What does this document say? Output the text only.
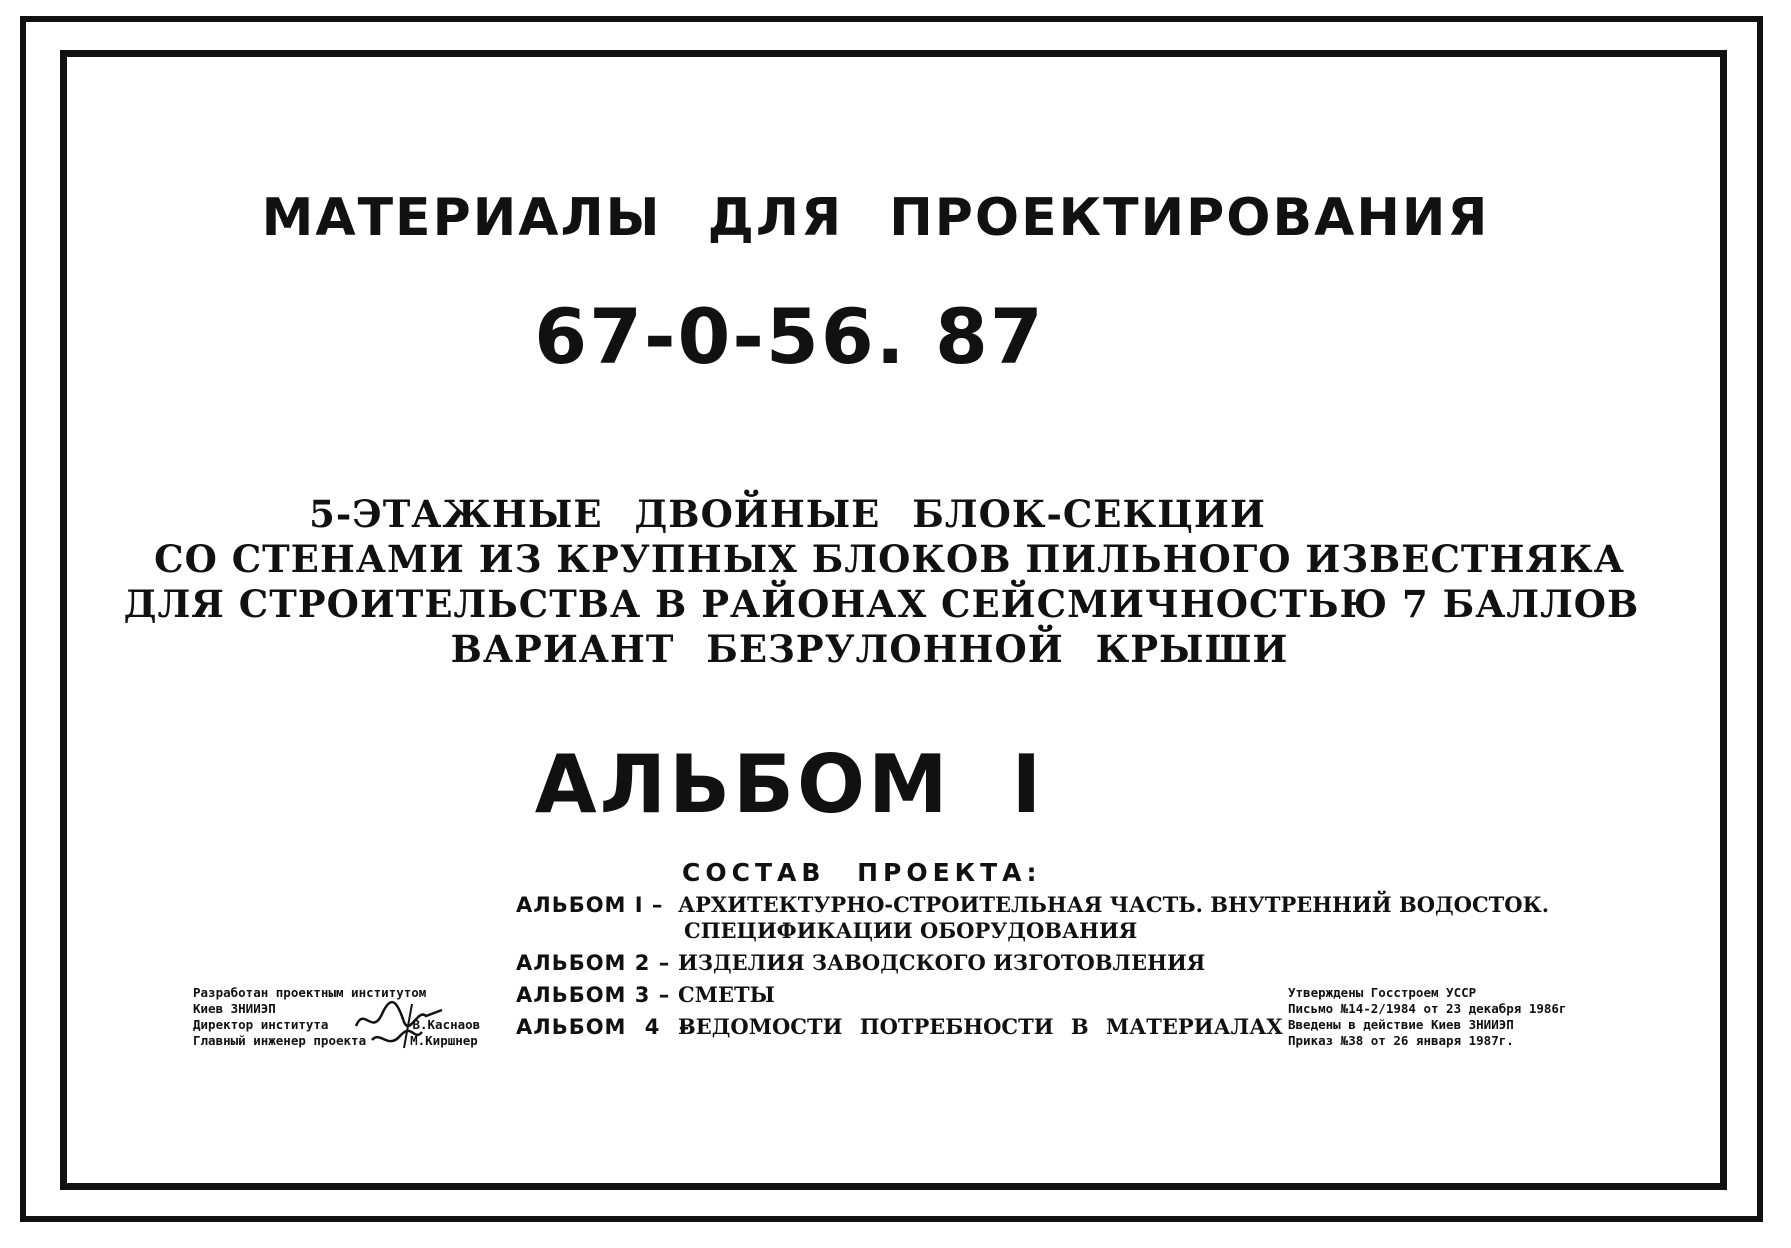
МАТЕРИАЛЫ ДЛЯ ПРОЕКТИРОВАНИЯ
67-0-56. 87
5-ЭТАЖНЫЕ ДВОЙНЫЕ БЛОК-СЕКЦИИ
СО СТЕНАМИ ИЗ КРУПНЫХ БЛОКОВ ПИЛЬНОГО ИЗВЕСТНЯКА
ДЛЯ СТРОИТЕЛЬСТВА В РАЙОНАХ СЕЙСМИЧНОСТЬЮ 7 БАЛЛОВ
ВАРИАНТ БЕЗРУЛОННОЙ КРЫШИ
АЛЬБОМ I
СОСТАВ ПРОЕКТА:
АЛЬБОМ I – АРХИТЕКТУРНО-СТРОИТЕЛЬНАЯ ЧАСТЬ. ВНУТРЕННИЙ ВОДОСТОК.
СПЕЦИФИКАЦИИ ОБОРУДОВАНИЯ
АЛЬБОМ 2 – ИЗДЕЛИЯ ЗАВОДСКОГО ИЗГОТОВЛЕНИЯ
АЛЬБОМ 3 – СМЕТЫ
АЛЬБОМ 4 –ВЕДОМОСТИ ПОТРЕБНОСТИ В МАТЕРИАЛАХ
Разработан проектным институтом
Киев ЗНИИЭП
Директор института	В.Каснаов
Главный инженер проекта	М.Киршнер
Утверждены Госстроем УССР
Письмо №14-2/1984 от 23 декабря 1986г
Введены в действие Киев ЗНИИЭП
Приказ №38 от 26 января 1987г.
